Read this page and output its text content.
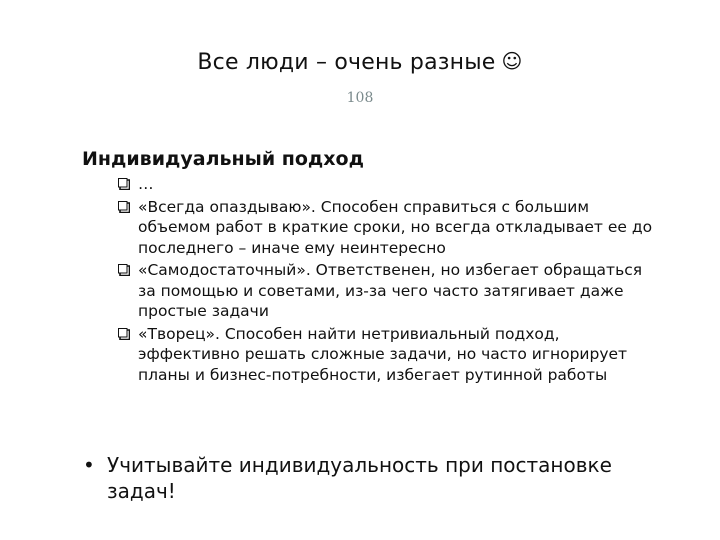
Все люди – очень разные ☺
108
Индивидуальный подход
…
«Всегда опаздываю». Способен справиться с большим объемом работ в краткие сроки, но всегда откладывает ее до последнего – иначе ему неинтересно
«Самодостаточный». Ответственен, но избегает обращаться за помощью и советами, из-за чего часто затягивает даже простые задачи
«Творец». Способен найти нетривиальный подход, эффективно решать сложные задачи, но часто игнорирует планы и бизнес-потребности, избегает рутинной работы
• Учитывайте индивидуальность при постановке задач!
